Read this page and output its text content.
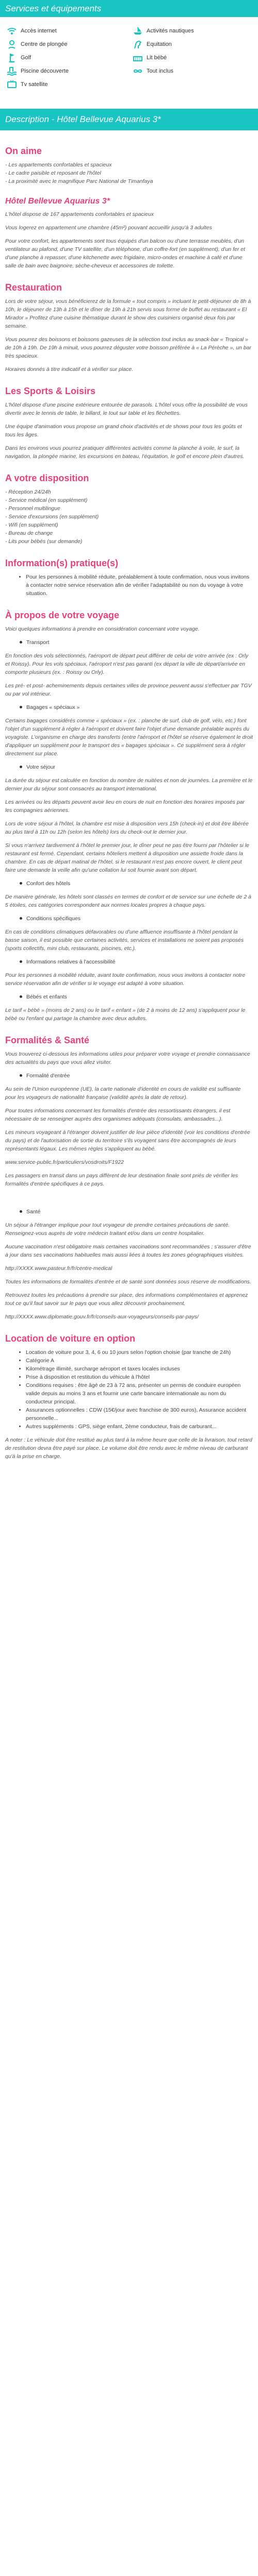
Services et équipements
Accès internet	Activités nautiques
Centre de plongée	Equitation
Golf	Lit bébé
Piscine découverte	Tout inclus
Tv satellite
Description - Hôtel Bellevue Aquarius 3*
On aime
- Les appartements confortables et spacieux
- Le cadre paisible et reposant de l'hôtel
- La proximité avec le magnifique Parc National de Timanfaya
Hôtel Bellevue Aquarius 3*

L'hôtel dispose de 167 appartements confortables et spacieux

Vous logerez en appartement une chambre (45m²) pouvant accueillir jusqu'à 3 adultes

Pour votre confort, les appartements sont tous équipés d'un balcon ou d'une terrasse meublés, d'un ventilateur au plafond, d'une TV satellite, d'un téléphone, d'un coffre-fort (en supplément), d'un fer et d'une planche à repasser, d'une kitchenette avec frigidaire, micro-ondes et machine à café et d'une salle de bain avec baignoire, sèche-cheveux et accessoires de toilette.

Restauration

Lors de votre séjour, vous bénéficierez de la formule « tout compris » incluant le petit-déjeuner de 8h à 10h, le déjeuner de 13h à 15h et le dîner de 19h à 21h servis sous forme de buffet au restaurant « El Mirador » Profitez d'une cuisine thématique durant le show des cuisiniers organisé deux fois par semaine.

Vous pourrez des boissons et boissons gazeuses de la sélection tout inclus au snack-bar « Tropical » de 10h à 19h. De 19h à minuit, vous pourrez déguster votre boisson préférée à « La Pérèche », un bar très spacieux.

Horaires donnés à titre indicatif et à vérifier sur place.

Les Sports & Loisirs

L'hôtel dispose d'une piscine extérieure entourée de parasols. L'hôtel vous offre la possibilité de vous divertir avec le tennis de table, le billard, le tout sur table et les fléchettes.

Une équipe d'animation vous propose un grand choix d'activités et de shows pour tous les goûts et tous les âges.

Dans les environs vous pourrez pratiquer différentes activités comme la planche à voile, le surf, la navigation, la plongée marine, les excursions en bateau, l'équitation, le golf et encore plein d'autres.

A votre disposition
- Réception 24/24h
- Service médical (en supplément)
- Personnel multilingue
- Service d'excursions (en supplément)
- Wifi (en supplément)
- Bureau de change
- Lits pour bébés (sur demande)
Information(s) pratique(s)
• Pour les personnes à mobilité réduite, préalablement à toute confirmation, nous vous invitons à contacter notre service réservation afin de vérifier l'adaptabilité ou non du voyage à votre situation.
À propos de votre voyage

Voici quelques informations à prendre en considération concernant votre voyage.

Transport

En fonction des vols sélectionnés, l'aéroport de départ peut différer de celui de votre arrivée (ex : Orly et Roissy). Pour les vols spéciaux, l'aéroport n'est pas garanti (ex départ la ville de départ/arrivée en comporte plusieurs (ex. : Roissy ou Orly).

Les pré- et post- acheminements depuis certaines villes de province peuvent aussi s'effectuer par TGV ou par vol intérieur.

Bagages « spéciaux »

Certains bagages considérés comme « spéciaux » (ex. : planche de surf, club de golf, vélo, etc.) font l'objet d'un supplément à régler à l'aéroport et doivent faire l'objet d'une demande préalable auprès du voyagiste. L'organisme en charge des transferts (entre l'aéroport et l'hôtel se réserve également le droit d'appliquer un supplément pour le transport des « bagages spéciaux ». Ce supplément sera à régler directement sur place.

Votre séjour

La durée du séjour est calculée en fonction du nombre de nuitées et non de journées. La première et le dernier jour du séjour sont consacrés au transport international.

Les arrivées ou les départs peuvent avoir lieu en cours de nuit en fonction des horaires imposés par les compagnies aériennes.

Lors de votre séjour à l'hôtel, la chambre est mise à disposition vers 15h (check-in) et doit être libérée au plus tard à 11h ou 12h (selon les hôtels) lors du check-out le dernier jour.

Si vous n'arrivez tardivement à l'hôtel le premier jour, le dîner peut ne pas être fourni par l'hôtelier si le restaurant est fermé. Cependant, certains hôteliers mettent à disposition une assiette froide dans la chambre. En cas de départ matinal de l'hôtel, si le restaurant n'est pas encore ouvert, le client peut faire une demande la veille afin qu'une collation lui soit fournie avant son départ.

Confort des hôtels

De manière générale, les hôtels sont classés en termes de confort et de service sur une échelle de 2 à 5 étoiles, ces catégories correspondent aux normes locales propres à chaque pays.

Conditions spécifiques

En cas de conditions climatiques défavorables ou d'une affluence insuffisante à l'hôtel pendant la basse saison, il est possible que certaines activités, services et installations ne soient pas proposés (sports collectifs, mini club, restaurants, piscines, etc.).

Informations relatives à l'accessibilité

Pour les personnes à mobilité réduite, avant toute confirmation, nous vous invitons à contacter notre service réservation afin de vérifier si le voyage est adapté à votre situation.

Bébés et enfants

Le tarif « bébé » (moins de 2 ans) ou le tarif « enfant » (de 2 à moins de 12 ans) s'appliquent pour le bébé ou l'enfant qui partage la chambre avec deux adultes.

Formalités & Santé

Vous trouverez ci-dessous les informations utiles pour préparer votre voyage et prendre connaissance des actualités du pays que vous allez visiter.

Formalité d'entrée

Au sein de l'Union européenne (UE), la carte nationale d'identité en cours de validité est suffisante pour les voyageurs de nationalité française (validité après la date de retour).

Pour toutes informations concernant les formalités d'entrée des ressortissants étrangers, il est nécessaire de se renseigner auprès des organismes adéquats (consulats, ambassades...).

Les mineurs voyageant à l'étranger doivent justifier de leur pièce d'identité (voir les conditions d'entrée du pays) et de l'autorisation de sortie du territoire s'ils voyagent sans être accompagnés de leurs représentants légaux. Les mêmes règles s'appliquent au bébé.

www.service-public.fr/particuliers/vosdroits/F1922

Les passagers en transit dans un pays différent de leur destination finale sont priés de vérifier les formalités d'entrée spécifiques à ce pays.

Santé

Un séjour à l'étranger implique pour tout voyageur de prendre certaines précautions de santé. Renseignez-vous auprès de votre médecin traitant et/ou dans un centre hospitalier.

Aucune vaccination n'est obligatoire mais certaines vaccinations sont recommandées ; s'assurer d'être à jour dans ses vaccinations habituelles mais aussi liées à toutes les zones géographiques visitées.

http://XXXX.www.pasteur.fr/fr/centre-medical

Toutes les informations de formalités d'entrée et de santé sont données sous réserve de modifications.

Retrouvez toutes les précautions à prendre sur place, des informations complémentaires et apprenez tout ce qu'il faut savoir sur le pays que vous allez découvrir prochainement.

http://XXXX.www.diplomatie.gouv.fr/fr/conseils-aux-voyageurs/conseils-par-pays/

Location de voiture en option
• Location de voiture pour 3, 4, 6 ou 10 jours selon l'option choisie (par tranche de 24h)
• Catégorie A
• Kilométrage illimité, surcharge aéroport et taxes locales incluses
• Prise à disposition et restitution du véhicule à l'hôtel
• Conditions requises : être âgé de 23 à 72 ans, présenter un permis de conduire européen valide depuis au moins 3 ans et fournir une carte bancaire internationale au nom du conducteur principal.
• Assurances optionnelles : CDW (15€/jour avec franchise de 300 euros), Assurance accident personnelle...
• Autres suppléments : GPS, siège enfant, 2ème conducteur, frais de carburant...

A noter : Le véhicule doit être restitué au plus tard à la même heure que celle de la livraison, tout retard de restitution devra être payé sur place. Le volume doit être rendu avec le même niveau de carburant qu'à la prise en charge.
